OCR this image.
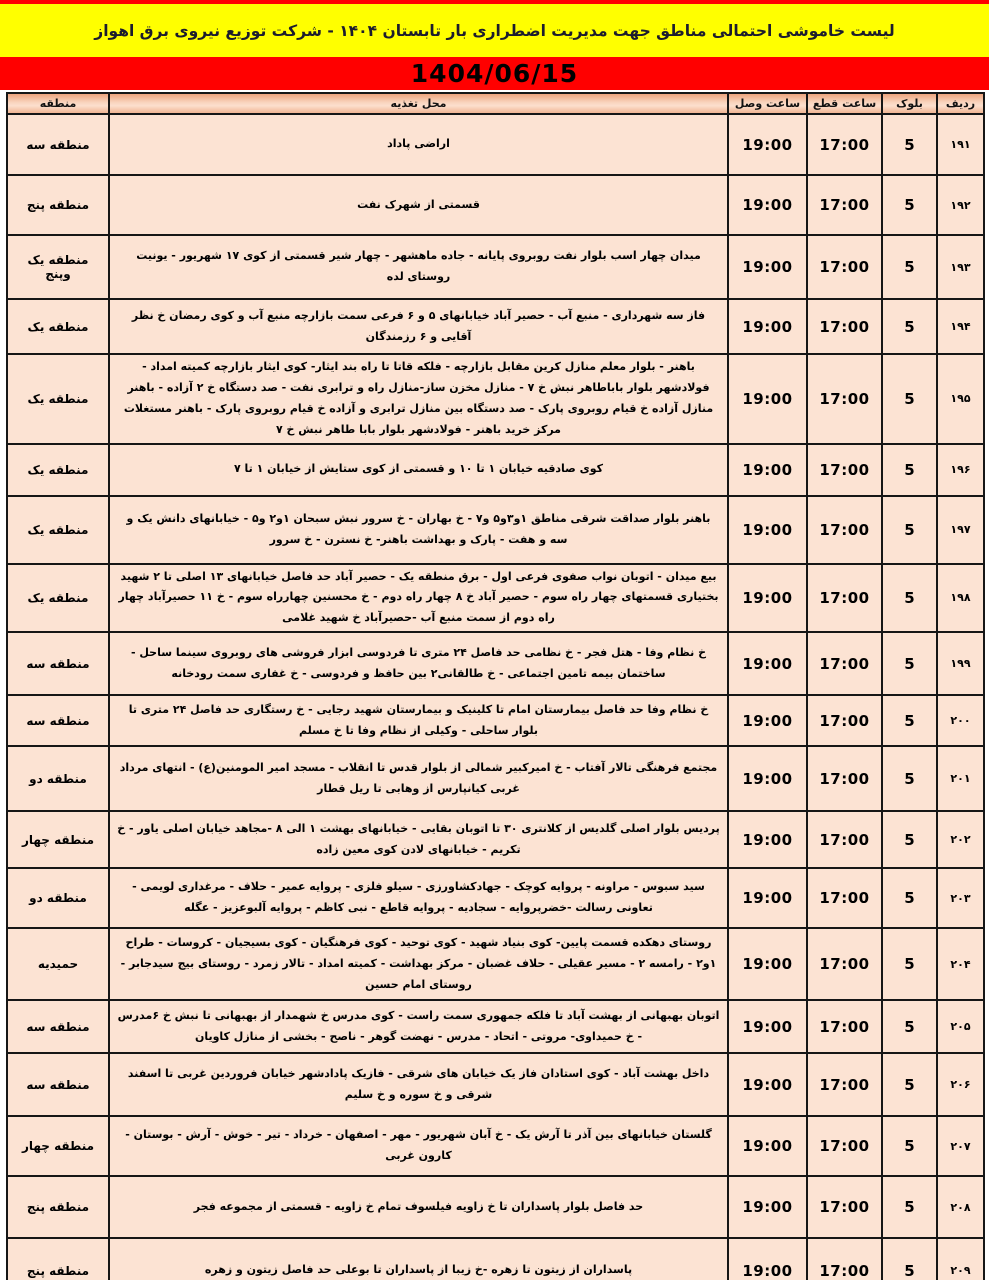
لیست خاموشی احتمالی مناطق جهت مدیریت اضطراری بار تابستان ۱۴۰۴ - شرکت توزیع نیروی برق اهواز
1404/06/15
ردیف	بلوک	ساعت قطع	ساعت وصل	محل تغذیه	منطقه
۱۹۱	5	17:00	19:00	اراضی پاداد	منطقه سه
۱۹۲	5	17:00	19:00	قسمتی از شهرک نفت	منطقه پنج
۱۹۳	5	17:00	19:00	میدان چهار اسب بلوار نفت روبروی پایانه - جاده ماهشهر - چهار شیر قسمتی از کوی ۱۷ شهریور - یونیت روستای لده	منطقه یک وپنج
۱۹۴	5	17:00	19:00	فاز سه شهرداری - منبع آب - حصیر آباد خیابانهای ۵ و ۶ فرعی سمت بازارچه منبع آب و کوی رمضان خ نظر آقایی و ۶ رزمندگان	منطقه یک
۱۹۵	5	17:00	19:00	باهنر - بلوار معلم منازل کرین مقابل بازارچه - فلکه قاتا تا راه بند ایثار- کوی ایثار بازارچه کمیته امداد - فولادشهر بلوار باباطاهر نبش خ ۷ - منازل مخزن ساز-منازل راه و ترابری نفت - صد دستگاه خ ۲ آزاده - باهنر منازل آزاده خ قیام روبروی پارک - صد دستگاه بین منازل ترابری و آزاده خ قیام روبروی پارک - باهنر مستغلات مرکز خرید باهنر - فولادشهر بلوار بابا طاهر نبش خ ۷	منطقه یک
۱۹۶	5	17:00	19:00	کوی صادقیه خیابان ۱ تا ۱۰ و قسمتی از کوی ستایش از خیابان ۱ تا ۷	منطقه یک
۱۹۷	5	17:00	19:00	باهنر بلوار صداقت شرقی مناطق ۱و۳و۵ و۷ - خ بهاران - خ سرور نبش سبحان ۱و۲ و۵ - خیابانهای دانش یک و سه و هفت - پارک و بهداشت باهنر- خ نسترن - خ سرور	منطقه یک
۱۹۸	5	17:00	19:00	بیع میدان - اتوبان نواب صفوی فرعی اول - برق منطقه یک - حصیر آباد حد فاصل خیابانهای ۱۳ اصلی تا ۲ شهید بختیاری قسمتهای چهار راه سوم - حصیر آباد خ ۸ چهار راه دوم - خ محسنین چهارراه سوم - خ ۱۱ حصیرآباد چهار راه دوم از سمت منبع آب -حصیرآباد خ شهید غلامی	منطقه یک
۱۹۹	5	17:00	19:00	خ نظام وفا - هتل فجر - خ نظامی حد فاصل ۲۴ متری تا فردوسی ابزار فروشی های روبروی سینما ساحل - ساختمان بیمه تامین اجتماعی - خ طالقانی۲ بین حافظ و فردوسی - خ غفاری سمت رودخانه	منطقه سه
۲۰۰	5	17:00	19:00	خ نظام وفا حد فاصل بیمارستان امام تا کلینیک و بیمارستان شهید رجایی - خ رستگاری حد فاصل ۲۴ متری تا بلوار ساحلی - وکیلی از نظام وفا تا خ مسلم	منطقه سه
۲۰۱	5	17:00	19:00	مجتمع فرهنگی تالار آفتاب - خ امیرکبیر شمالی از بلوار قدس تا انقلاب - مسجد امیر المومنین(ع) - انتهای مرداد غربی کیانپارس از وهابی تا ریل قطار	منطقه دو
۲۰۲	5	17:00	19:00	پردیس بلوار اصلی گلدیس از کلانتری ۳۰ تا اتوبان بقایی - خیابانهای بهشت ۱ الی ۸ -مجاهد خیابان اصلی یاور - خ تکریم - خیابانهای لادن کوی معین زاده	منطقه چهار
۲۰۳	5	17:00	19:00	سید سبوس - مراونه - پروایه کوچک - جهادکشاورزی - سیلو فلزی - پروایه عمیر - حلاف - مرغداری لویمی - تعاونی رسالت -خضرپروایه - سجادیه - پروایه قاطع - نبی کاظم - پروایه آلبوعزیز - عگله	منطقه دو
۲۰۴	5	17:00	19:00	روستای دهکده قسمت پایین- کوی بنیاد شهید - کوی توحید - کوی فرهنگیان - کوی بسیجیان - کروسات - طراح ۱و۲ - رامسه ۲ - مسیر عقیلی - حلاف غضبان - مرکز بهداشت - کمیته امداد - تالار زمرد - روستای بیج سیدجابر - روستای امام حسین	حمیدیه
۲۰۵	5	17:00	19:00	اتوبان بهبهانی از بهشت آباد تا فلکه جمهوری سمت راست - کوی مدرس خ شهمدار از بهبهانی تا نبش خ ۶مدرس - خ حمیداوی- مروتی - اتحاد - مدرس - نهضت گوهر - ناصح - بخشی از منازل کاویان	منطقه سه
۲۰۶	5	17:00	19:00	داخل بهشت آباد - کوی استادان فاز یک خیابان های شرقی - فازیک پادادشهر خیابان فروردین غربی تا اسفند شرقی و خ سوره و خ سلیم	منطقه سه
۲۰۷	5	17:00	19:00	گلستان خیابانهای بین آذر تا آرش یک - خ آبان شهریور - مهر - اصفهان - خرداد - تیر - خوش - آرش - بوستان - کارون غربی	منطقه چهار
۲۰۸	5	17:00	19:00	حد فاصل بلوار پاسداران تا خ زاویه فیلسوف تمام خ زاویه - قسمتی از مجموعه فجر	منطقه پنج
۲۰۹	5	17:00	19:00	پاسداران از زیتون تا زهره -خ زیبا از پاسداران تا بوعلی حد فاصل زیتون و زهره	منطقه پنج
